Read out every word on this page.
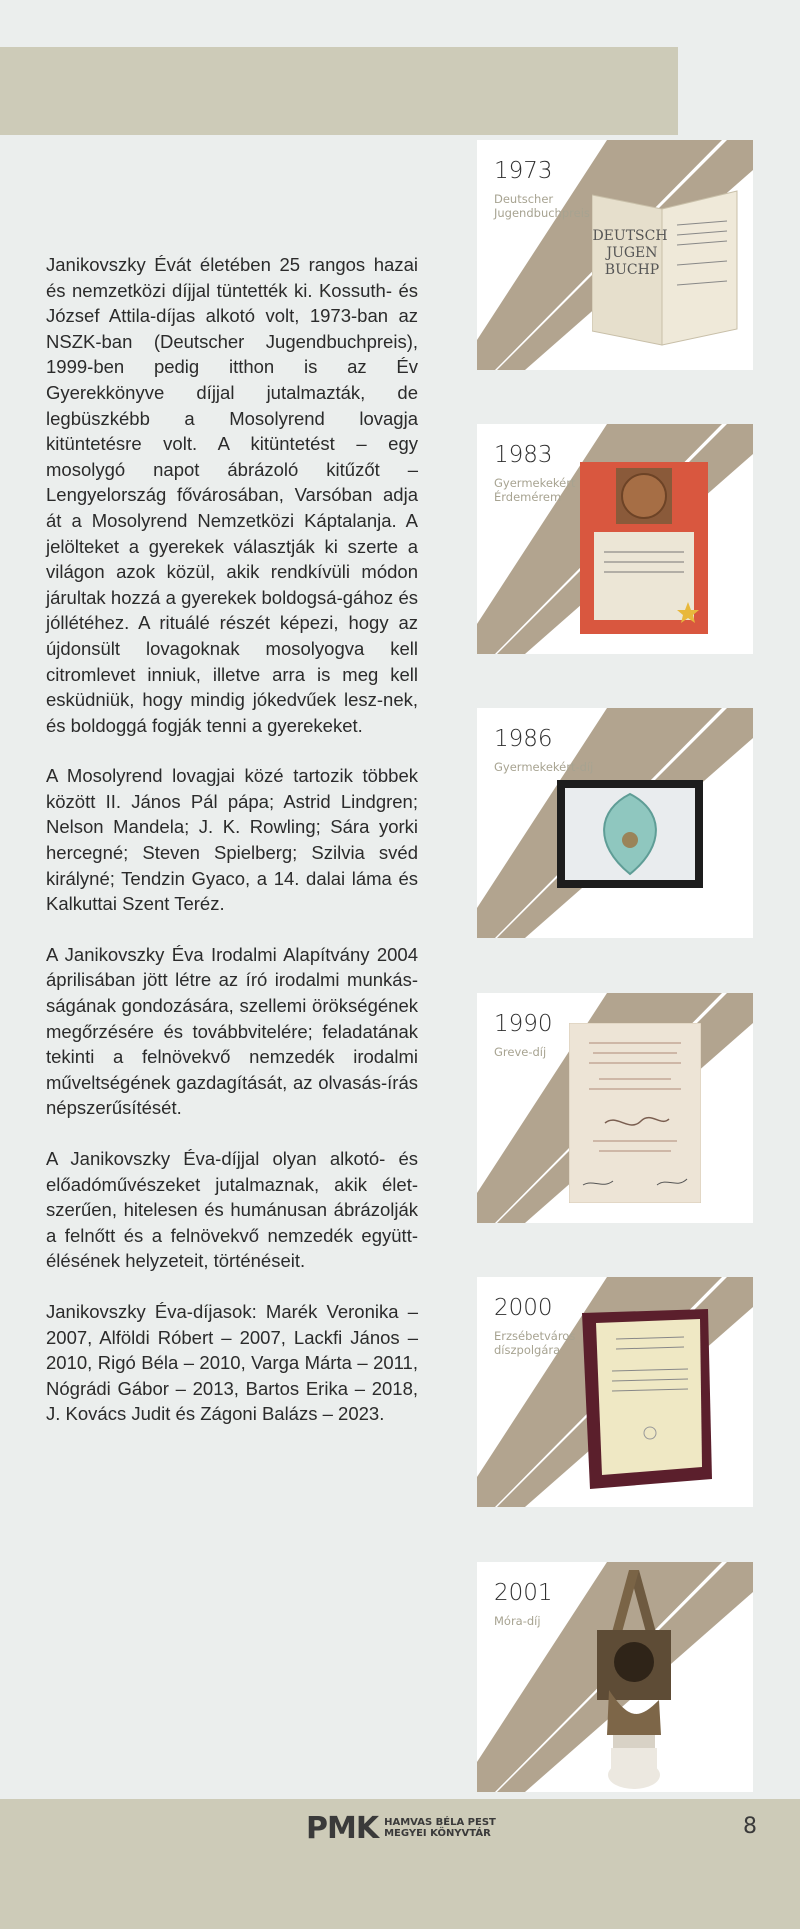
Janikovszky Évát életében 25 rangos hazai és nemzetközi díjjal tüntették ki. Kossuth- és József Attila-díjas alkotó volt, 1973-ban az NSZK-ban (Deutscher Jugendbuchpreis), 1999-ben pedig itthon is az Év Gyerekkönyve díjjal jutalmazták, de legbüszkébb a Mosolyrend lovagja kitüntetésre volt. A kitüntetést – egy mosolygó napot ábrázoló kitűzőt – Lengyelország fővárosában, Varsóban adja át a Mosolyrend Nemzetközi Káptalanja. A jelölteket a gyerekek választják ki szerte a világon azok közül, akik rendkívüli módon járultak hozzá a gyerekek boldogsá-gához és jóllétéhez. A rituálé részét képezi, hogy az újdonsült lovagoknak mosolyogva kell citromlevet inniuk, illetve arra is meg kell esküdniük, hogy mindig jókedvűek lesz-nek, és boldoggá fogják tenni a gyerekeket.

A Mosolyrend lovagjai közé tartozik többek között II. János Pál pápa; Astrid Lindgren; Nelson Mandela; J. K. Rowling; Sára yorki hercegné; Steven Spielberg; Szilvia svéd királyné; Tendzin Gyaco, a 14. dalai láma és Kalkuttai Szent Teréz.

A Janikovszky Éva Irodalmi Alapítvány 2004 áprilisában jött létre az író irodalmi munkás-ságának gondozására, szellemi örökségének megőrzésére és továbbvitelére; feladatának tekinti a felnövekvő nemzedék irodalmi műveltségének gazdagítását, az olvasás-írás népszerűsítését.

A Janikovszky Éva-díjjal olyan alkotó- és előadóművészeket jutalmaznak, akik élet-szerűen, hitelesen és humánusan ábrázolják a felnőtt és a felnövekvő nemzedék együtt-élésének helyzeteit, történéseit.

Janikovszky Éva-díjasok: Marék Veronika – 2007, Alföldi Róbert – 2007, Lackfi János – 2010, Rigó Béla – 2010, Varga Márta – 2011, Nógrádi Gábor – 2013, Bartos Erika – 2018, J. Kovács Judit és Zágoni Balázs – 2023.

1973
Deutscher Jugendbuchpreis
DEUTSCH
JUGEN
BUCHP
1983
Gyermekekért Érdemérem
1986
Gyermekekért-díj
1990
Greve-díj
2000
Erzsébetváros díszpolgára
2001
Móra-díj
PMK HAMVAS BÉLA PEST
MEGYEI KÖNYVTÁR	8
